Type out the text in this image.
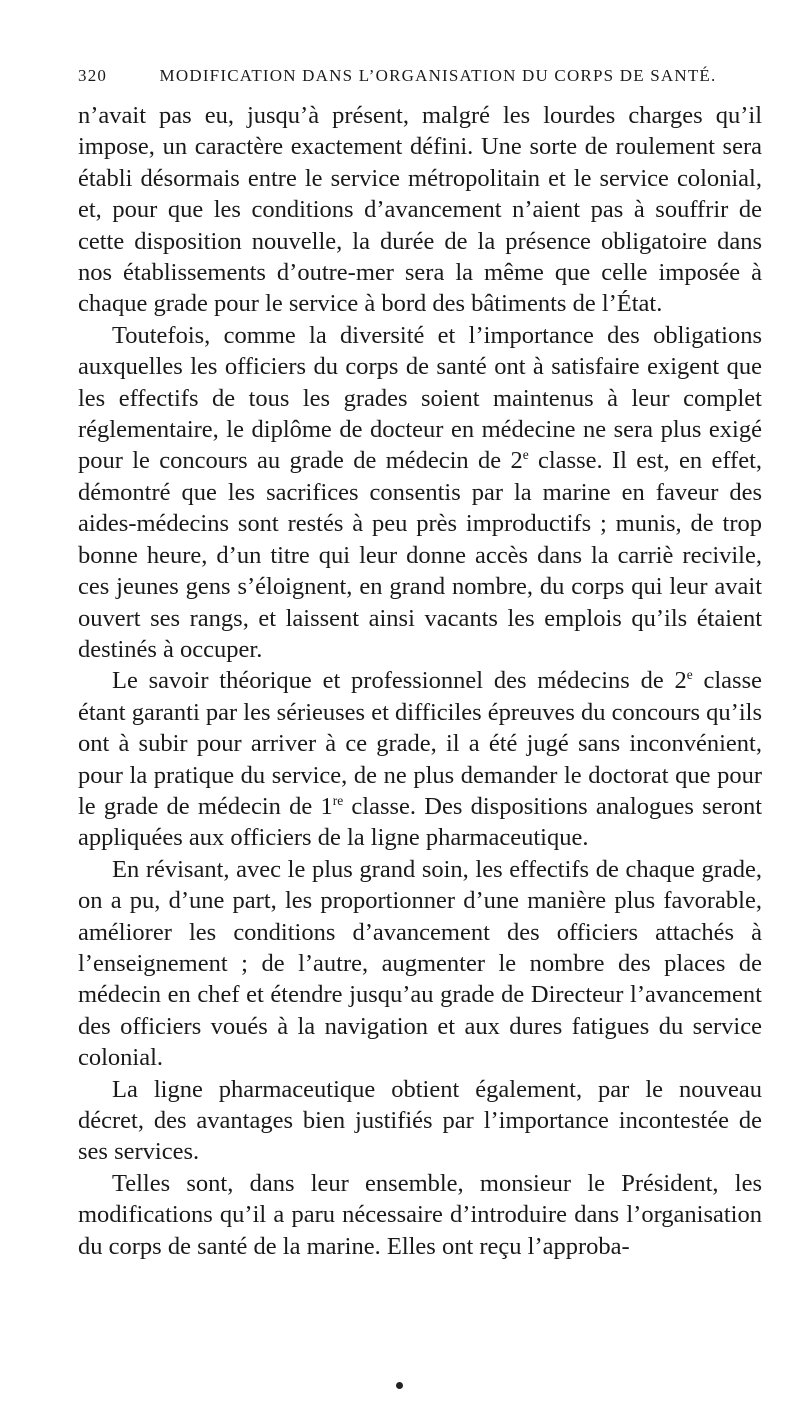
320	MODIFICATION DANS L’ORGANISATION DU CORPS DE SANTÉ.

n’avait pas eu, jusqu’à présent, malgré les lourdes charges qu’il impose, un caractère exactement défini. Une sorte de roulement sera établi désormais entre le service métropolitain et le service colonial, et, pour que les conditions d’avancement n’aient pas à souffrir de cette disposition nouvelle, la durée de la présence obligatoire dans nos établissements d’outre-mer sera la même que celle imposée à chaque grade pour le service à bord des bâtiments de l’État.

Toutefois, comme la diversité et l’importance des obligations auxquelles les officiers du corps de santé ont à satisfaire exigent que les effectifs de tous les grades soient maintenus à leur complet réglementaire, le diplôme de docteur en médecine ne sera plus exigé pour le concours au grade de médecin de 2e classe. Il est, en effet, démontré que les sacrifices consentis par la marine en faveur des aides-médecins sont restés à peu près improductifs ; munis, de trop bonne heure, d’un titre qui leur donne accès dans la carriè recivile, ces jeunes gens s’éloignent, en grand nombre, du corps qui leur avait ouvert ses rangs, et laissent ainsi vacants les emplois qu’ils étaient destinés à occuper.

Le savoir théorique et professionnel des médecins de 2e classe étant garanti par les sérieuses et difficiles épreuves du concours qu’ils ont à subir pour arriver à ce grade, il a été jugé sans inconvénient, pour la pratique du service, de ne plus demander le doctorat que pour le grade de médecin de 1re classe. Des dispositions analogues seront appliquées aux officiers de la ligne pharmaceutique.

En révisant, avec le plus grand soin, les effectifs de chaque grade, on a pu, d’une part, les proportionner d’une manière plus favorable, améliorer les conditions d’avancement des officiers attachés à l’enseignement ; de l’autre, augmenter le nombre des places de médecin en chef et étendre jusqu’au grade de Directeur l’avancement des officiers voués à la navigation et aux dures fatigues du service colonial.

La ligne pharmaceutique obtient également, par le nouveau décret, des avantages bien justifiés par l’importance incontestée de ses services.

Telles sont, dans leur ensemble, monsieur le Président, les modifications qu’il a paru nécessaire d’introduire dans l’organisation du corps de santé de la marine. Elles ont reçu l’approba-
